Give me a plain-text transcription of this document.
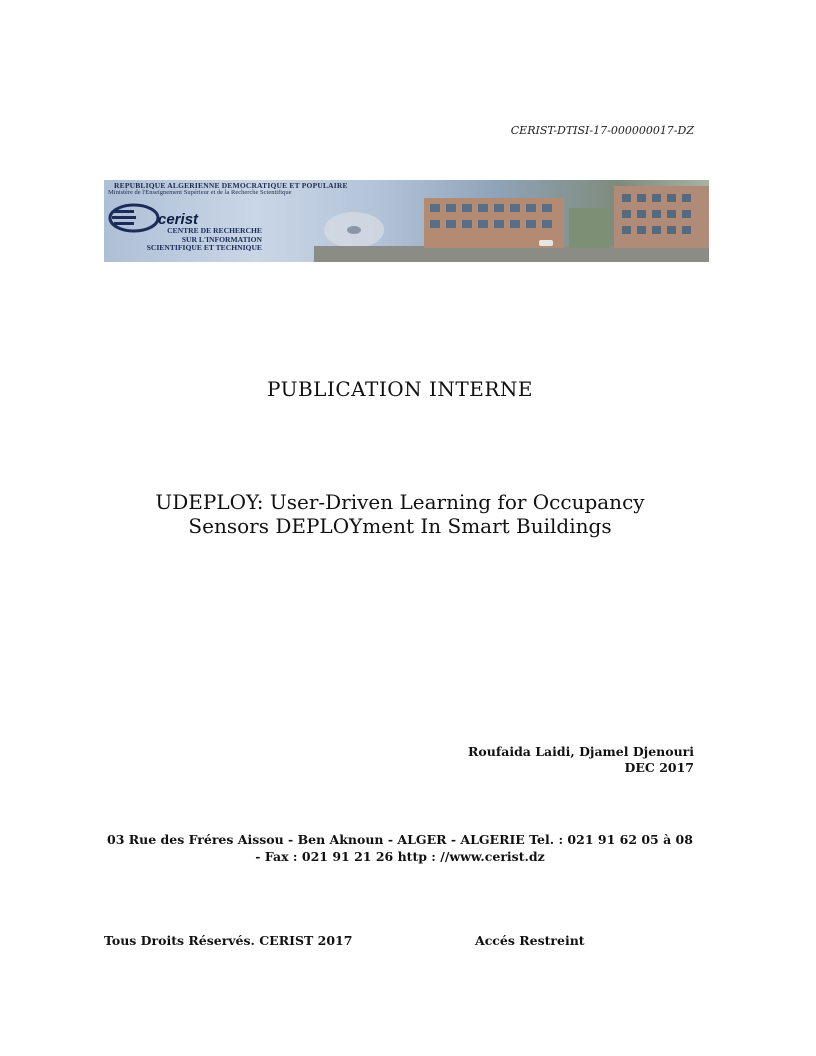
CERIST-DTISI-17-000000017-DZ
REPUBLIQUE ALGERIENNE DEMOCRATIQUE ET POPULAIRE
Ministère de l'Enseignement Supérieur et de la Recherche Scientifique
cerist
CENTRE DE RECHERCHE
SUR L'INFORMATION
SCIENTIFIQUE ET TECHNIQUE
PUBLICATION INTERNE
UDEPLOY: User-Driven Learning for Occupancy
Sensors DEPLOYment In Smart Buildings
Roufaida Laidi, Djamel Djenouri
DEC 2017
03 Rue des Fréres Aissou - Ben Aknoun - ALGER - ALGERIE Tel. : 021 91 62 05 à 08
- Fax : 021 91 21 26 http : //www.cerist.dz
Tous Droits Réservés. CERIST 2017	Accés Restreint
